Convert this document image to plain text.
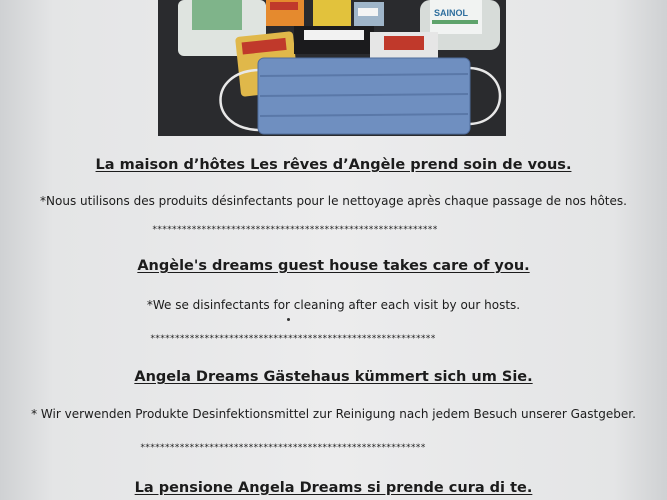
SAINOL
La maison d’hôtes Les rêves d’Angèle prend soin de vous.
*Nous utilisons des produits désinfectants pour le nettoyage après chaque passage de nos hôtes.
**********************************************************
Angèle's dreams guest house takes care of you.
*We se disinfectants for cleaning after each visit by our hosts.
**********************************************************
Angela Dreams Gästehaus kümmert sich um Sie.
* Wir verwenden Produkte Desinfektionsmittel zur Reinigung nach jedem Besuch unserer Gastgeber.
**********************************************************
La pensione Angela Dreams si prende cura di te.
